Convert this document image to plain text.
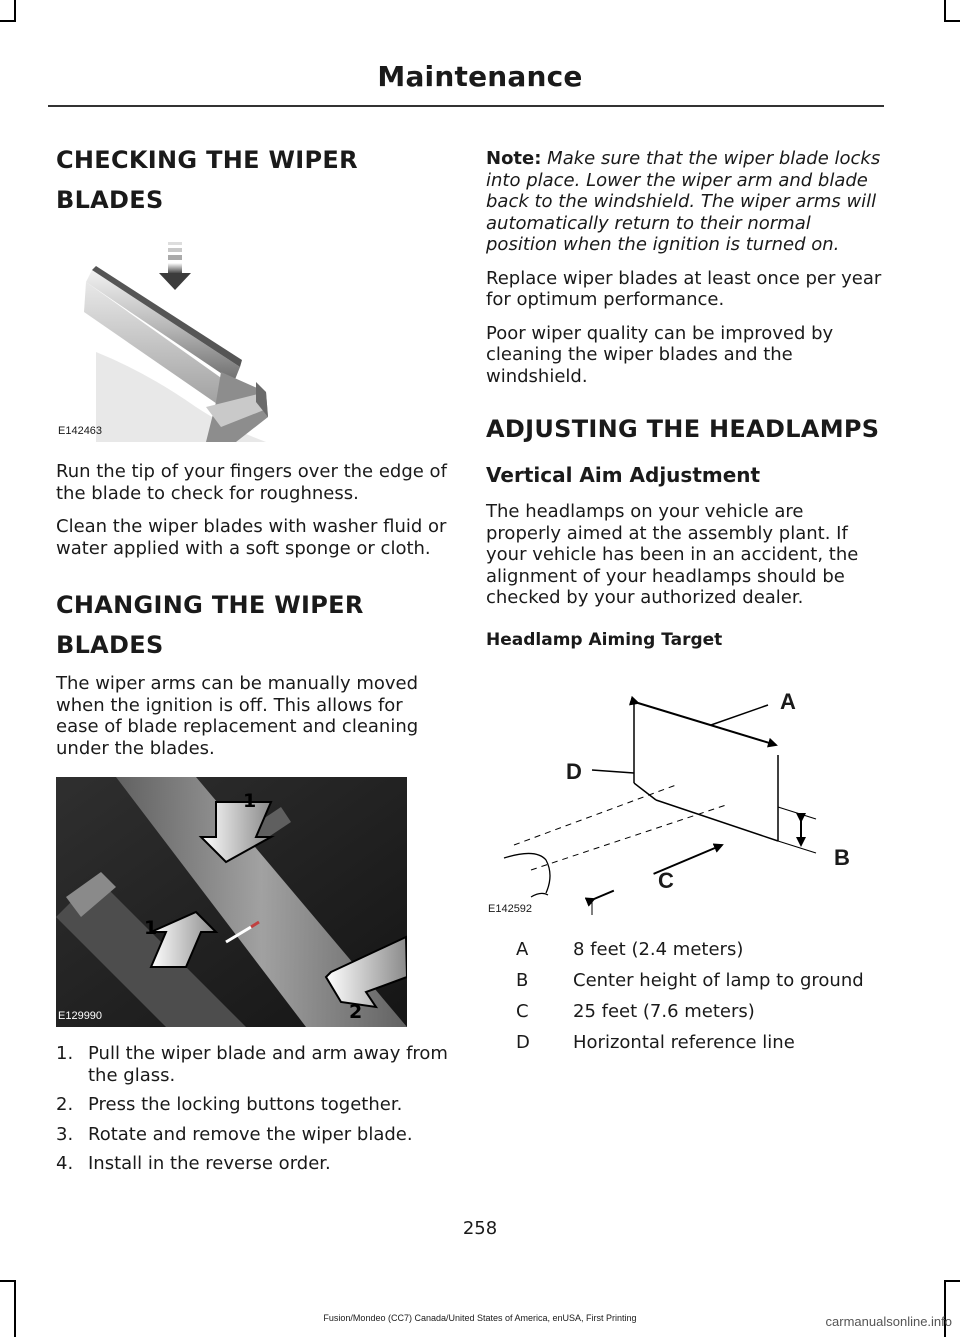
Maintenance
CHECKING THE WIPER
BLADES
E142463

Run the tip of your fingers over the edge of the blade to check for roughness.

Clean the wiper blades with washer fluid or water applied with a soft sponge or cloth.

CHANGING THE WIPER
BLADES

The wiper arms can be manually moved when the ignition is off. This allows for ease of blade replacement and cleaning under the blades.

1
1
2
E129990
1. Pull the wiper blade and arm away from the glass.
2. Press the locking buttons together.
3. Rotate and remove the wiper blade.
4. Install in the reverse order.

Note: Make sure that the wiper blade locks into place. Lower the wiper arm and blade back to the windshield. The wiper arms will automatically return to their normal position when the ignition is turned on.

Replace wiper blades at least once per year for optimum performance.

Poor wiper quality can be improved by cleaning the wiper blades and the windshield.

ADJUSTING THE HEADLAMPS
Vertical Aim Adjustment

The headlamps on your vehicle are properly aimed at the assembly plant. If your vehicle has been in an accident, the alignment of your headlamps should be checked by your authorized dealer.

Headlamp Aiming Target
A
D
B
C
E142592
A	8 feet (2.4 meters)
B	Center height of lamp to ground
C	25 feet (7.6 meters)
D	Horizontal reference line
258
Fusion/Mondeo (CC7) Canada/United States of America, enUSA, First Printing	carmanualsonline.info
